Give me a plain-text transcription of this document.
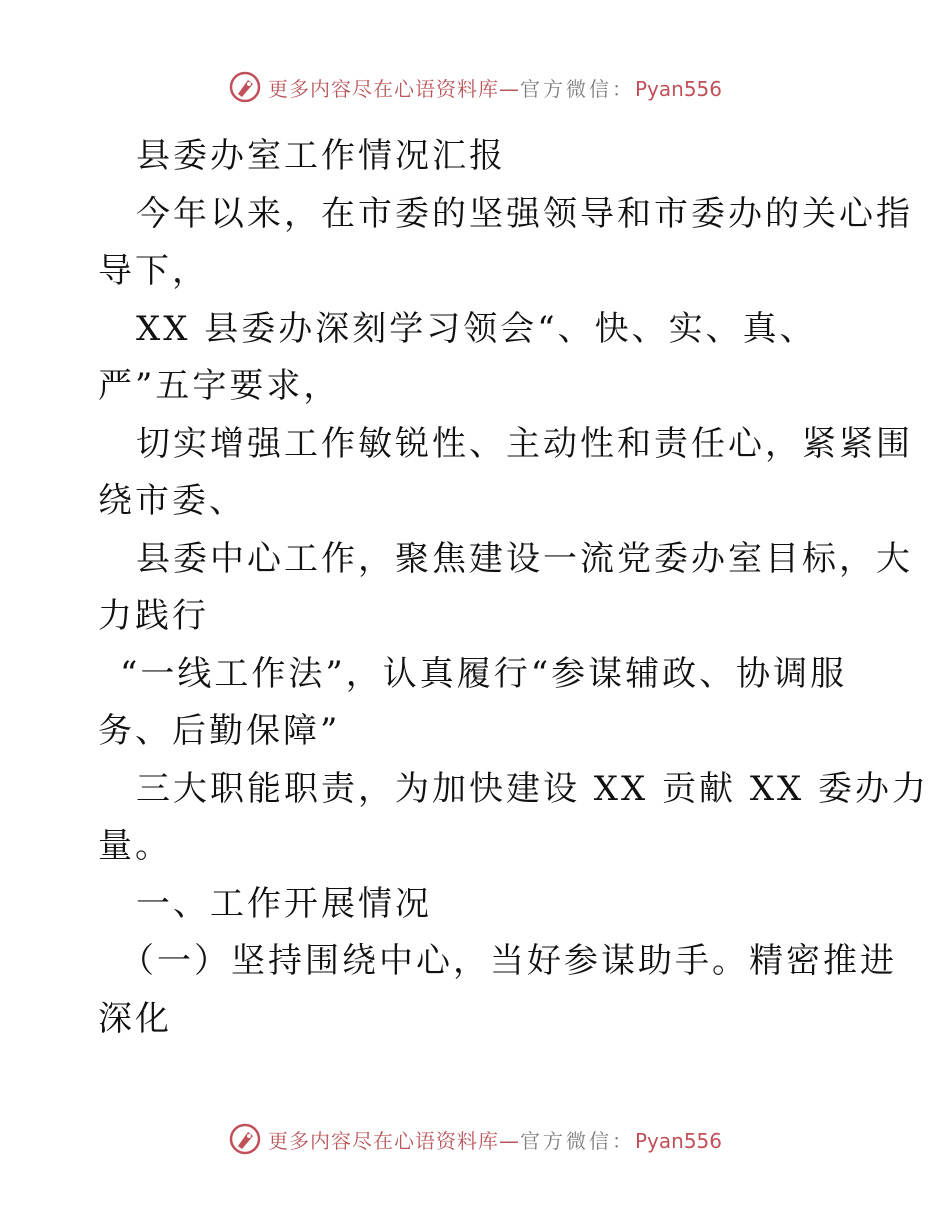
更多内容尽在心语资料库—官方微信：Pyan556
县委办室工作情况汇报
今年以来，在市委的坚强领导和市委办的关心指
导下，
XX 县委办深刻学习领会“、快、实、真、
严”五字要求，
切实增强工作敏锐性、主动性和责任心，紧紧围
绕市委、
县委中心工作，聚焦建设一流党委办室目标，大
力践行
“一线工作法”，认真履行“参谋辅政、协调服
务、后勤保障”
三大职能职责，为加快建设 XX 贡献 XX 委办力
量。
一、工作开展情况
（一）坚持围绕中心，当好参谋助手。精密推进
深化
更多内容尽在心语资料库—官方微信：Pyan556
